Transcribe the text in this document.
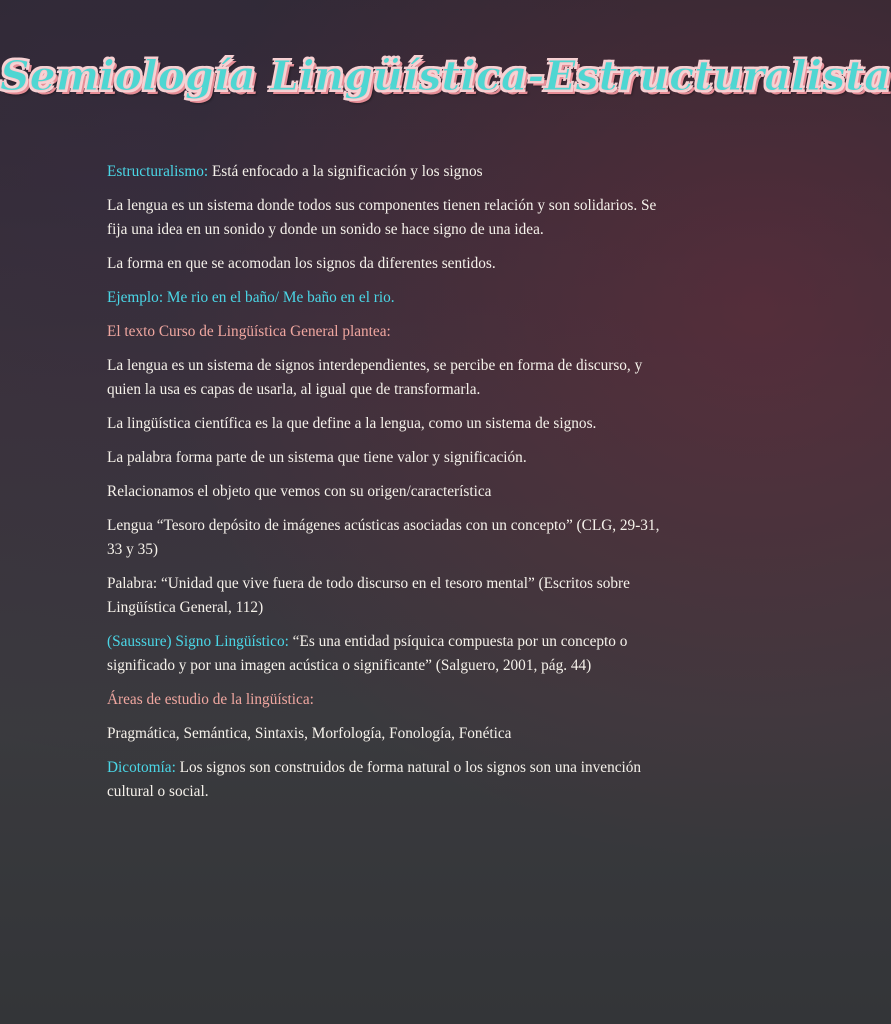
Semiología Lingüística-Estructuralista

Estructuralismo: Está enfocado a la significación y los signos

La lengua es un sistema donde todos sus componentes tienen relación y son solidarios. Se fija una idea en un sonido y donde un sonido se hace signo de una idea.

La forma en que se acomodan los signos da diferentes sentidos.

Ejemplo: Me rio en el baño/ Me baño en el rio.

El texto Curso de Lingüística General plantea:

La lengua es un sistema de signos interdependientes, se percibe en forma de discurso, y quien la usa es capas de usarla, al igual que de transformarla.

La lingüística científica es la que define a la lengua, como un sistema de signos.

La palabra forma parte de un sistema que tiene valor y significación.

Relacionamos el objeto que vemos con su origen/característica

Lengua “Tesoro depósito de imágenes acústicas asociadas con un concepto” (CLG, 29-31, 33 y 35)

Palabra: “Unidad que vive fuera de todo discurso en el tesoro mental” (Escritos sobre Lingüística General, 112)

(Saussure) Signo Lingüístico: “Es una entidad psíquica compuesta por un concepto o significado y por una imagen acústica o significante” (Salguero, 2001, pág. 44)

Áreas de estudio de la lingüística:

Pragmática, Semántica, Sintaxis, Morfología, Fonología, Fonética

Dicotomía: Los signos son construidos de forma natural o los signos son una invención cultural o social.
